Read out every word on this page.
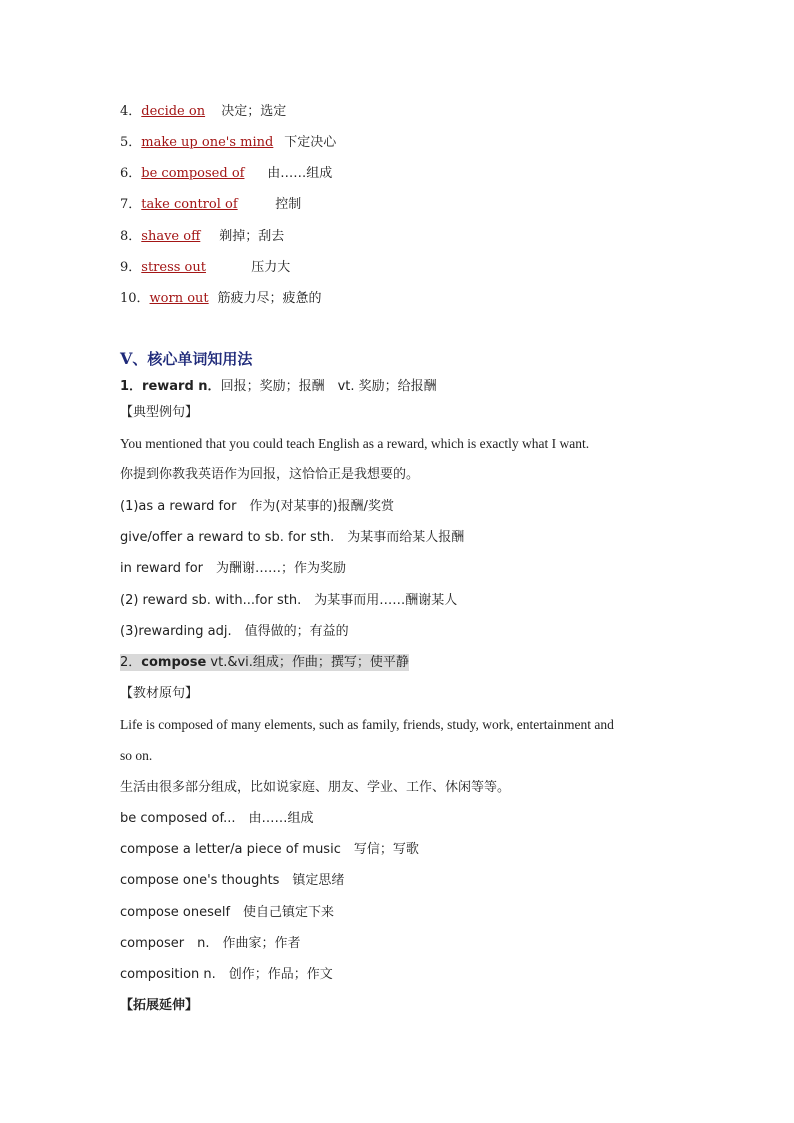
4．decide on 决定；选定
5．make up one's mind 下定决心
6．be composed of 由……组成
7．take control of	控制
8．shave off 剃掉；刮去
9．stress out	压力大
10．worn out 筋疲力尽；疲惫的
V、核心单词知用法
1．reward n．回报；奖励；报酬　vt. 奖励；给报酬
【典型例句】
You mentioned that you could teach English as a reward, which is exactly what I want.
你提到你教我英语作为回报，这恰恰正是我想要的。
(1)as a reward for　作为(对某事的)报酬/奖赏
give/offer a reward to sb. for sth.　为某事而给某人报酬
in reward for　为酬谢……；作为奖励
(2) reward sb. with...for sth.　为某事而用……酬谢某人
(3)rewarding adj.　值得做的；有益的
2．compose vt.&vi.组成；作曲；撰写；使平静
【教材原句】
Life is composed of many elements, such as family, friends, study, work, entertainment and
so on.
生活由很多部分组成，比如说家庭、朋友、学业、工作、休闲等等。
be composed of...　由……组成
compose a letter/a piece of music　写信；写歌
compose one's thoughts　镇定思绪
compose oneself　使自己镇定下来
composer　n.　作曲家；作者
composition n.　创作；作品；作文
【拓展延伸】
